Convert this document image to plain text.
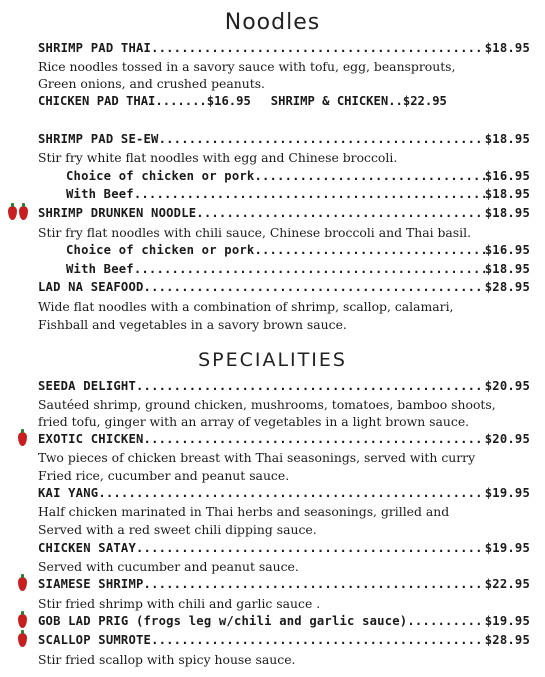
Noodles
SHRIMP PAD THAI .....	$18.95
Rice noodles tossed in a savory sauce with tofu, egg, beansprouts,
Green onions, and crushed peanuts.
CHICKEN PAD THAI....... $16.95 SHRIMP & CHICKEN.. $22.95
SHRIMP PAD SE-EW .....	$18.95
Stir fry white flat noodles with egg and Chinese broccoli.
Choice of chicken or pork .....	$16.95
With Beef .....	$18.95
SHRIMP DRUNKEN NOODLE .....	$18.95
Stir fry flat noodles with chili sauce, Chinese broccoli and Thai basil.
Choice of chicken or pork .....	$16.95
With Beef .....	$18.95
LAD NA SEAFOOD .....	$28.95
Wide flat noodles with a combination of shrimp, scallop, calamari,
Fishball and vegetables in a savory brown sauce.
SPECIALITIES
SEEDA DELIGHT .....	$20.95
Sautéed shrimp, ground chicken, mushrooms, tomatoes, bamboo shoots,
fried tofu, ginger with an array of vegetables in a light brown sauce.
EXOTIC CHICKEN .....	$20.95
Two pieces of chicken breast with Thai seasonings, served with curry
Fried rice, cucumber and peanut sauce.
KAI YANG .....	$19.95
Half chicken marinated in Thai herbs and seasonings, grilled and
Served with a red sweet chili dipping sauce.
CHICKEN SATAY .....	$19.95
Served with cucumber and peanut sauce.
SIAMESE SHRIMP .....	$22.95
Stir fried shrimp with chili and garlic sauce .
GOB LAD PRIG (frogs leg w/chili and garlic sauce) .....	$19.95
SCALLOP SUMROTE .....	$28.95
Stir fried scallop with spicy house sauce.
